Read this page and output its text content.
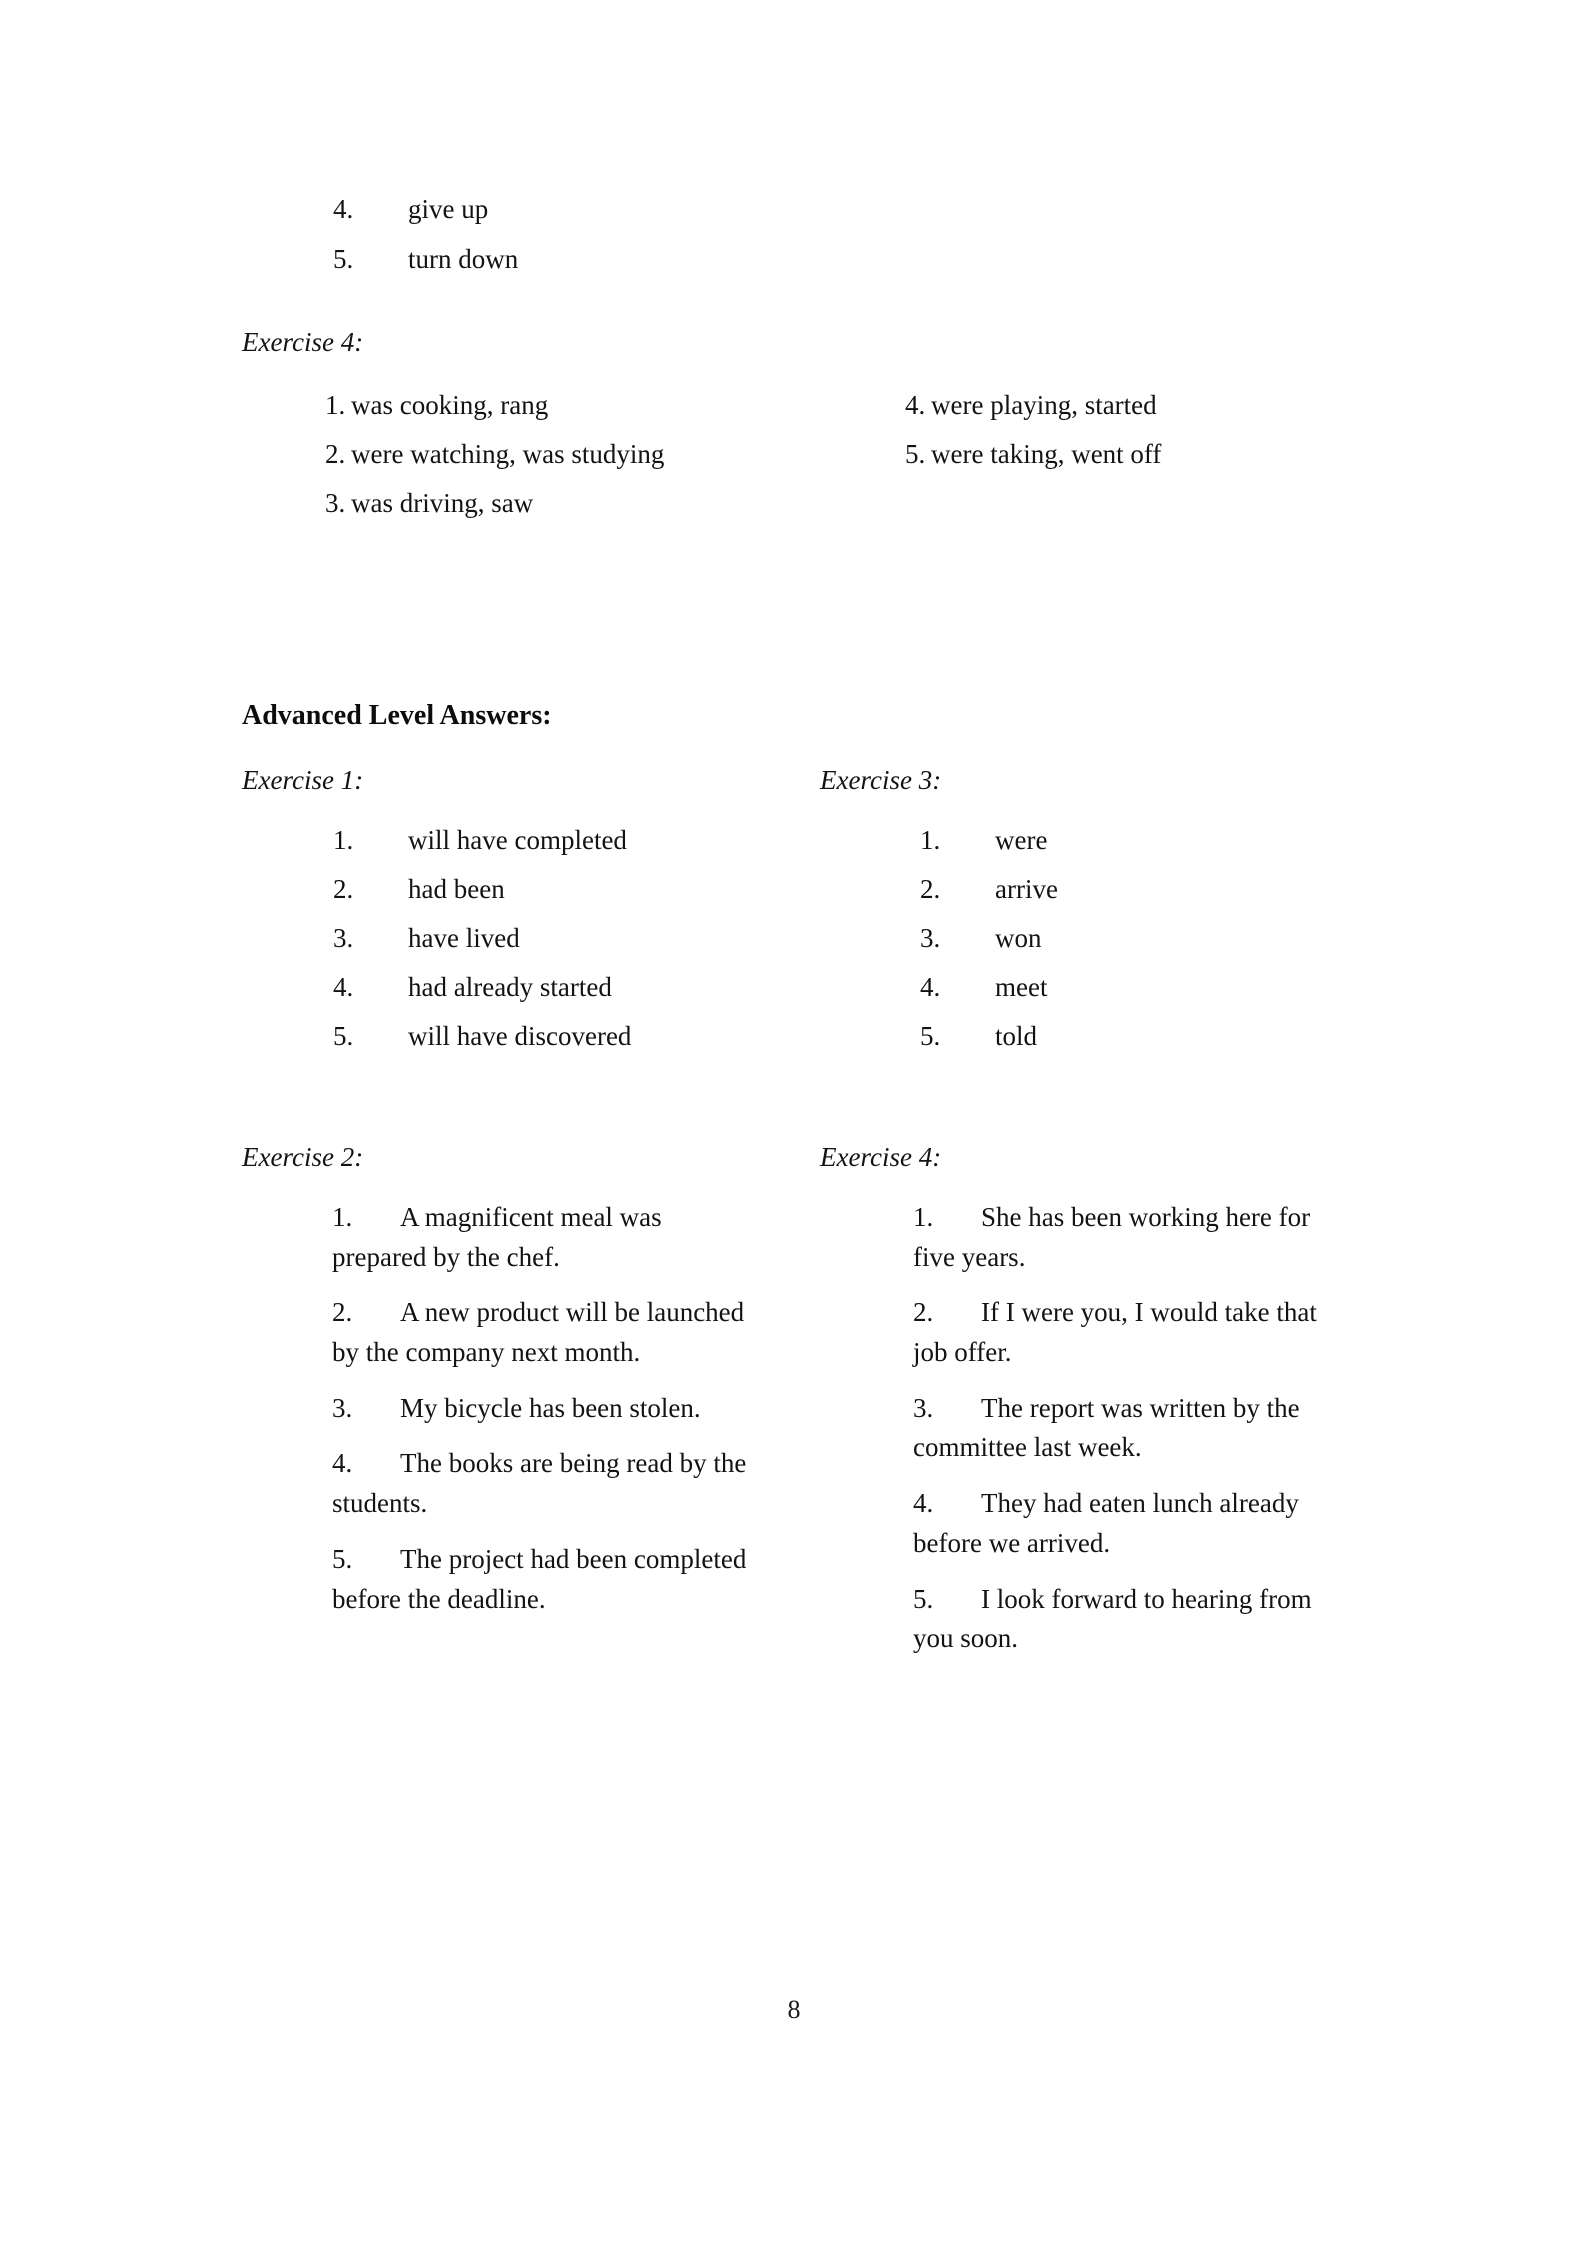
4.	give up
5.	turn down
Exercise 4:
1. was cooking, rang
2. were watching, was studying
3. was driving, saw
4. were playing, started
5. were taking, went off
Advanced Level Answers:
Exercise 1:
1.	will have completed
2.	had been
3.	have lived
4.	had already started
5.	will have discovered
Exercise 3:
1.	were
2.	arrive
3.	won
4.	meet
5.	told
Exercise 2:
1. A magnificent meal was prepared by the chef.
2. A new product will be launched by the company next month.
3. My bicycle has been stolen.
4. The books are being read by the students.
5. The project had been completed before the deadline.
Exercise 4:
1. She has been working here for five years.
2. If I were you, I would take that job offer.
3. The report was written by the committee last week.
4. They had eaten lunch already before we arrived.
5. I look forward to hearing from you soon.
8
